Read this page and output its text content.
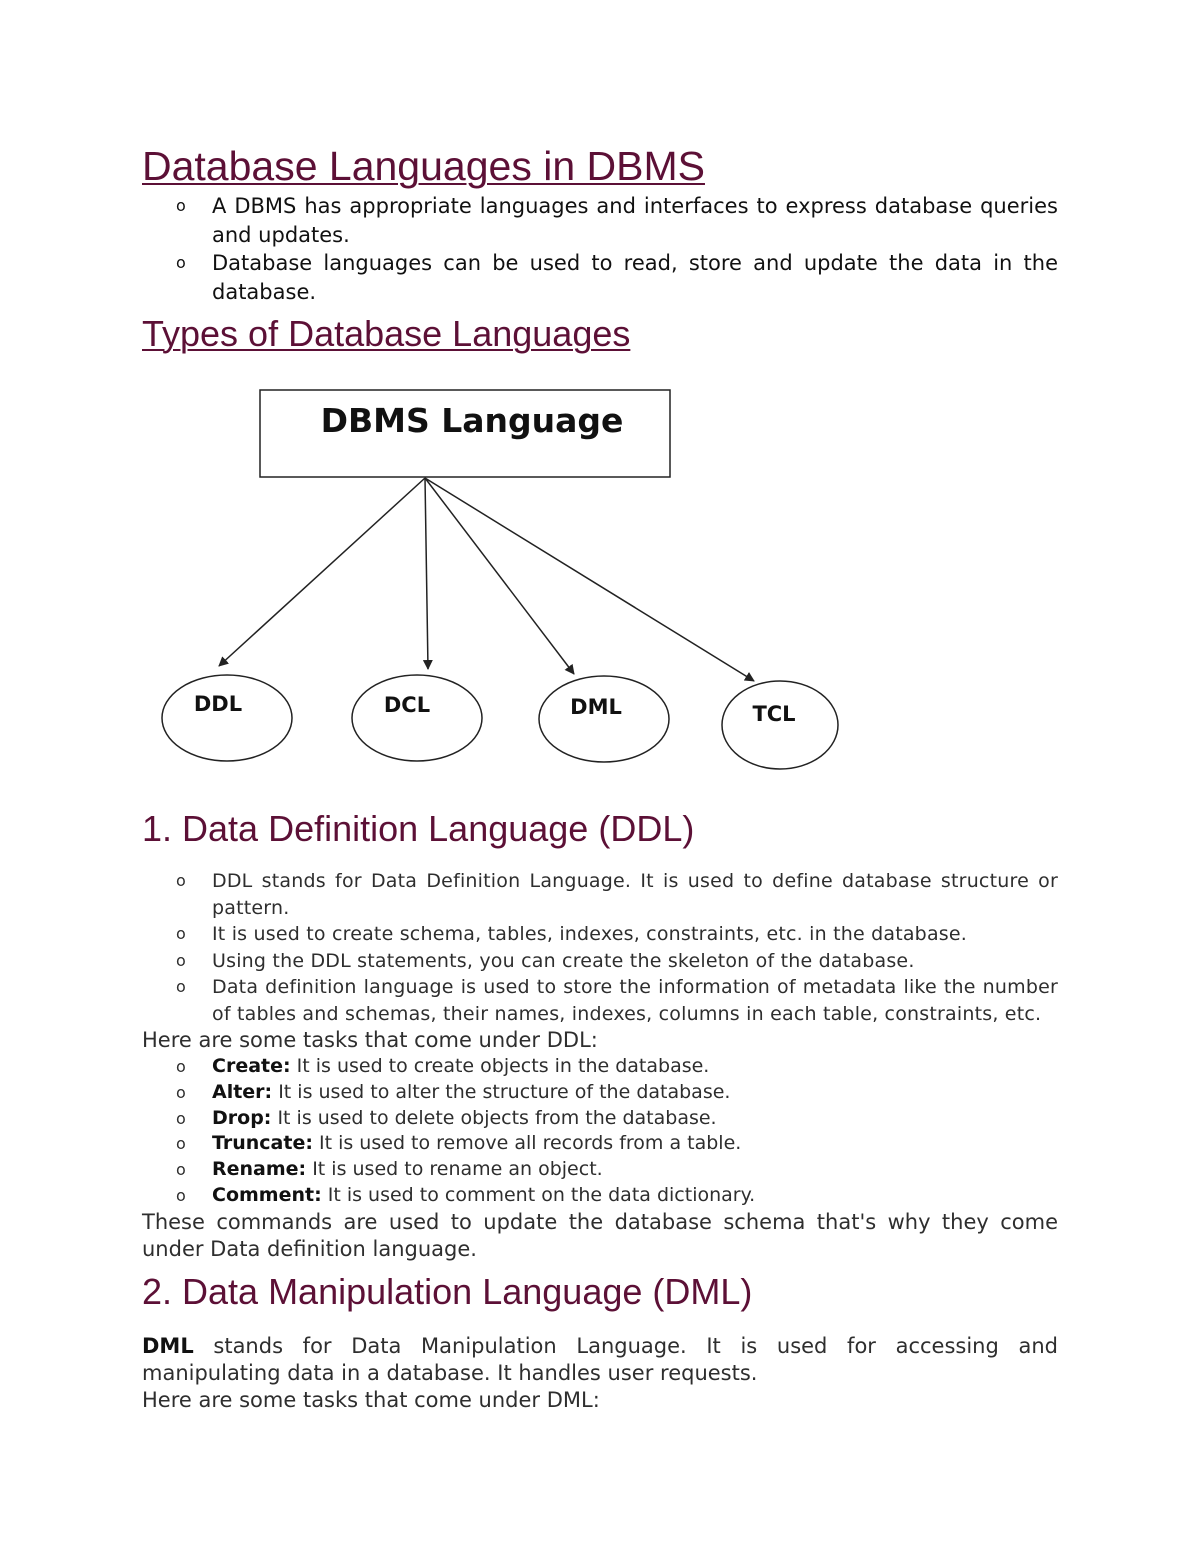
Database Languages in DBMS
o A DBMS has appropriate languages and interfaces to express database queries and updates.
o Database languages can be used to read, store and update the data in the database.
Types of Database Languages
1. Data Definition Language (DDL)
o DDL stands for Data Definition Language. It is used to define database structure or pattern.
o It is used to create schema, tables, indexes, constraints, etc. in the database.
o Using the DDL statements, you can create the skeleton of the database.
o Data definition language is used to store the information of metadata like the number of tables and schemas, their names, indexes, columns in each table, constraints, etc.

Here are some tasks that come under DDL:

o Create: It is used to create objects in the database.
o Alter: It is used to alter the structure of the database.
o Drop: It is used to delete objects from the database.
o Truncate: It is used to remove all records from a table.
o Rename: It is used to rename an object.
o Comment: It is used to comment on the data dictionary.

These commands are used to update the database schema that's why they come under Data definition language.

2. Data Manipulation Language (DML)

DML stands for Data Manipulation Language. It is used for accessing and manipulating data in a database. It handles user requests.

Here are some tasks that come under DML:

DBMS Language
DDL	DCL	DML	TCL
